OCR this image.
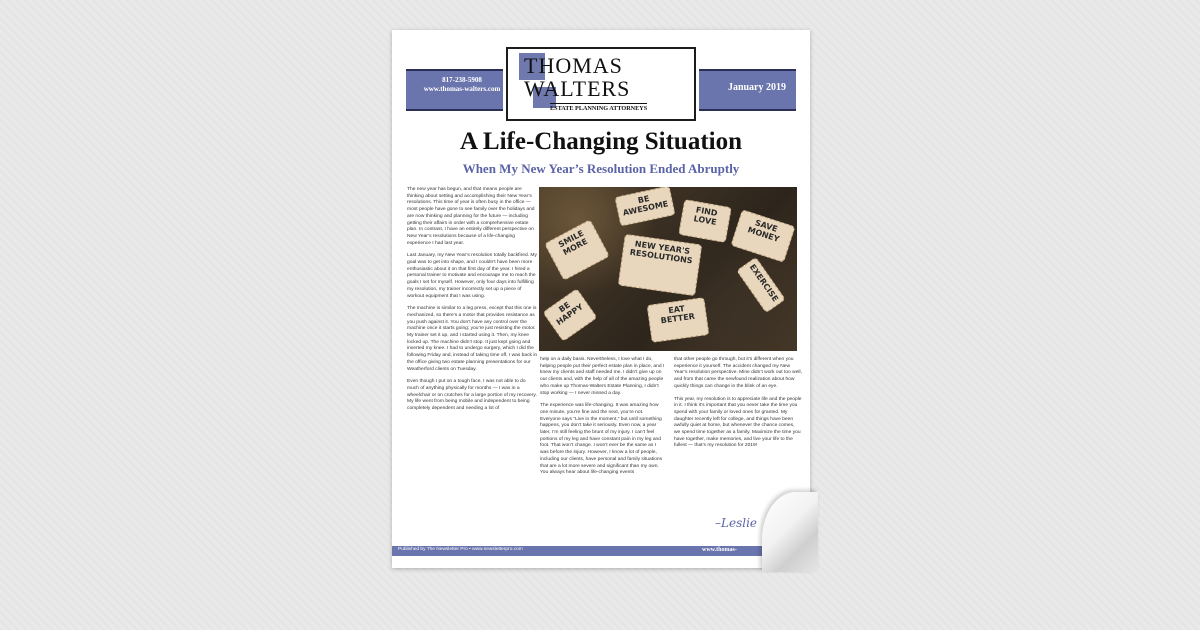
817-238-5908
www.thomas-walters.com	January 2019
THOMAS
WALTERS
ESTATE PLANNING ATTORNEYS
A Life-Changing Situation
When My New Year’s Resolution Ended Abruptly

The new year has begun, and that means people are thinking about setting and accomplishing their New Year’s resolutions. This time of year is often busy in the office — most people have gone to see family over the holidays and are now thinking and planning for the future — including getting their affairs in order with a comprehensive estate plan. In contrast, I have an entirely different perspective on New Year’s resolutions because of a life-changing experience I had last year.

Last January, my New Year’s resolution totally backfired. My goal was to get into shape, and I couldn’t have been more enthusiastic about it on that first day of the year. I hired a personal trainer to motivate and encourage me to reach the goals I set for myself. However, only four days into fulfilling my resolution, my trainer incorrectly set up a piece of workout equipment that I was using.

The machine is similar to a leg press, except that this one is mechanized, so there’s a motor that provides resistance as you push against it. You don’t have any control over the machine once it starts going; you’re just resisting the motor. My trainer set it up, and I started using it. Then, my knee locked up. The machine didn’t stop. It just kept going and inverted my knee. I had to undergo surgery, which I did the following Friday and, instead of taking time off, I was back in the office giving two estate planning presentations for our Weatherford clients on Tuesday.

Even though I put on a tough face, I was not able to do much of anything physically for months — I was in a wheelchair or on crutches for a large portion of my recovery. My life went from being mobile and independent to being completely dependent and needing a lot of

BE AWESOME	FIND LOVE	SAVE MONEY
SMILE MORE	NEW YEAR'S RESOLUTIONS
EXERCISE
BE HAPPY	EAT BETTER

help on a daily basis. Nevertheless, I love what I do, helping people put their perfect estate plan in place, and I knew my clients and staff needed me. I didn’t give up on our clients and, with the help of all of the amazing people who make up Thomas-Walters Estate Planning, I didn’t stop working — I never missed a day.

The experience was life-changing. It was amazing how one minute, you’re fine and the next, you’re not. Everyone says “Live in the moment,” but until something happens, you don’t take it seriously. Even now, a year later, I’m still feeling the brunt of my injury. I can’t feel portions of my leg and have constant pain in my leg and foot. That won’t change. I won’t ever be the same as I was before the injury. However, I know a lot of people, including our clients, have personal and family situations that are a lot more severe and significant than my own. You always hear about life-changing events

that other people go through, but it’s different when you experience it yourself. The accident changed my New Year’s resolution perspective. Mine didn’t work out too well, and from that came the newfound realization about how quickly things can change in the blink of an eye.

This year, my resolution is to appreciate life and the people in it. I think it’s important that you never take the time you spend with your family or loved ones for granted. My daughter recently left for college, and things have been awfully quiet at home, but whenever the chance comes, we spend time together as a family. Maximize the time you have together, make memories, and live your life to the fullest — that’s my resolution for 2019!

–Leslie
Published by The Newsletter Pro • www.newsletterpro.com	www.thomas-
